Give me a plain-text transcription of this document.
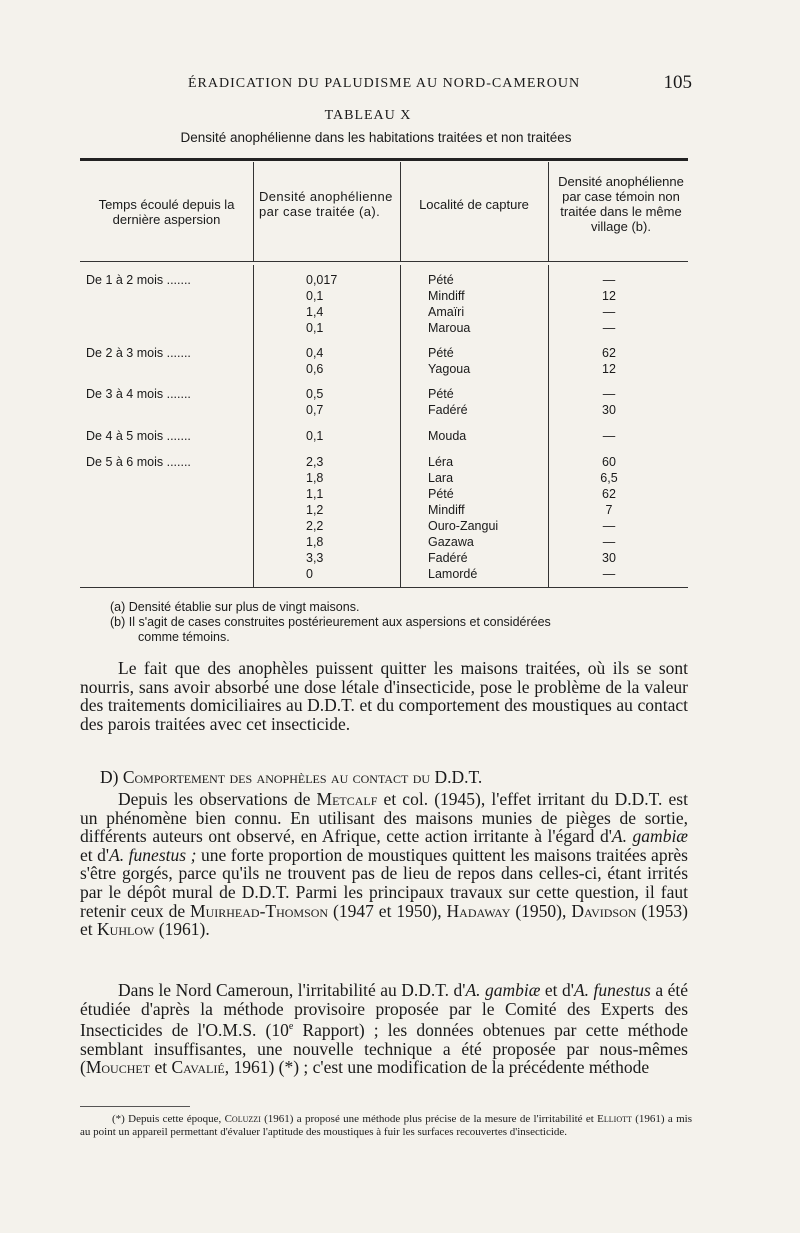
ÉRADICATION DU PALUDISME AU NORD-CAMEROUN	105
TABLEAU X
Densité anophélienne dans les habitations traitées et non traitées
Temps écoulé depuis la dernière aspersion
Densité anophélienne par case traitée (a).	Localité de capture
Densité anophélienne par case témoin non traitée dans le même village (b).
De 1 à 2 mois .......	0,017	Pété	—
0,1	Mindiff	12
1,4	Amaïri	—
0,1	Maroua	—
De 2 à 3 mois .......	0,4	Pété	62
0,6	Yagoua	12
De 3 à 4 mois .......	0,5	Pété	—
0,7	Fadéré	30
De 4 à 5 mois .......	0,1	Mouda	—
De 5 à 6 mois .......	2,3	Léra	60
1,8	Lara	6,5
1,1	Pété	62
1,2	Mindiff	7
2,2	Ouro-Zangui	—
1,8	Gazawa	—
3,3	Fadéré	30
0	Lamordé	—
(a) Densité établie sur plus de vingt maisons.
(b) Il s'agit de cases construites postérieurement aux aspersions et considérées
comme témoins.

Le fait que des anophèles puissent quitter les maisons traitées, où ils se sont nourris, sans avoir absorbé une dose létale d'insecticide, pose le problème de la valeur des traitements domiciliaires au D.D.T. et du comportement des moustiques au contact des parois traitées avec cet insecticide.

D) Comportement des anophèles au contact du D.D.T.

Depuis les observations de Metcalf et col. (1945), l'effet irritant du D.D.T. est un phénomène bien connu. En utilisant des maisons munies de pièges de sortie, différents auteurs ont observé, en Afrique, cette action irritante à l'égard d'A. gambiæ et d'A. funestus ; une forte proportion de moustiques quittent les maisons traitées après s'être gorgés, parce qu'ils ne trouvent pas de lieu de repos dans celles-ci, étant irrités par le dépôt mural de D.D.T. Parmi les principaux travaux sur cette question, il faut retenir ceux de Muirhead-Thomson (1947 et 1950), Hadaway (1950), Davidson (1953) et Kuhlow (1961).

Dans le Nord Cameroun, l'irritabilité au D.D.T. d'A. gambiæ et d'A. funestus a été étudiée d'après la méthode provisoire proposée par le Comité des Experts des Insecticides de l'O.M.S. (10e Rapport) ; les données obtenues par cette méthode semblant insuffisantes, une nouvelle technique a été proposée par nous-mêmes (Mouchet et Cavalié, 1961) (*) ; c'est une modification de la précédente méthode

(*) Depuis cette époque, Coluzzi (1961) a proposé une méthode plus précise de la mesure de l'irritabilité et Elliott (1961) a mis au point un appareil permettant d'évaluer l'aptitude des moustiques à fuir les surfaces recouvertes d'insecticide.
